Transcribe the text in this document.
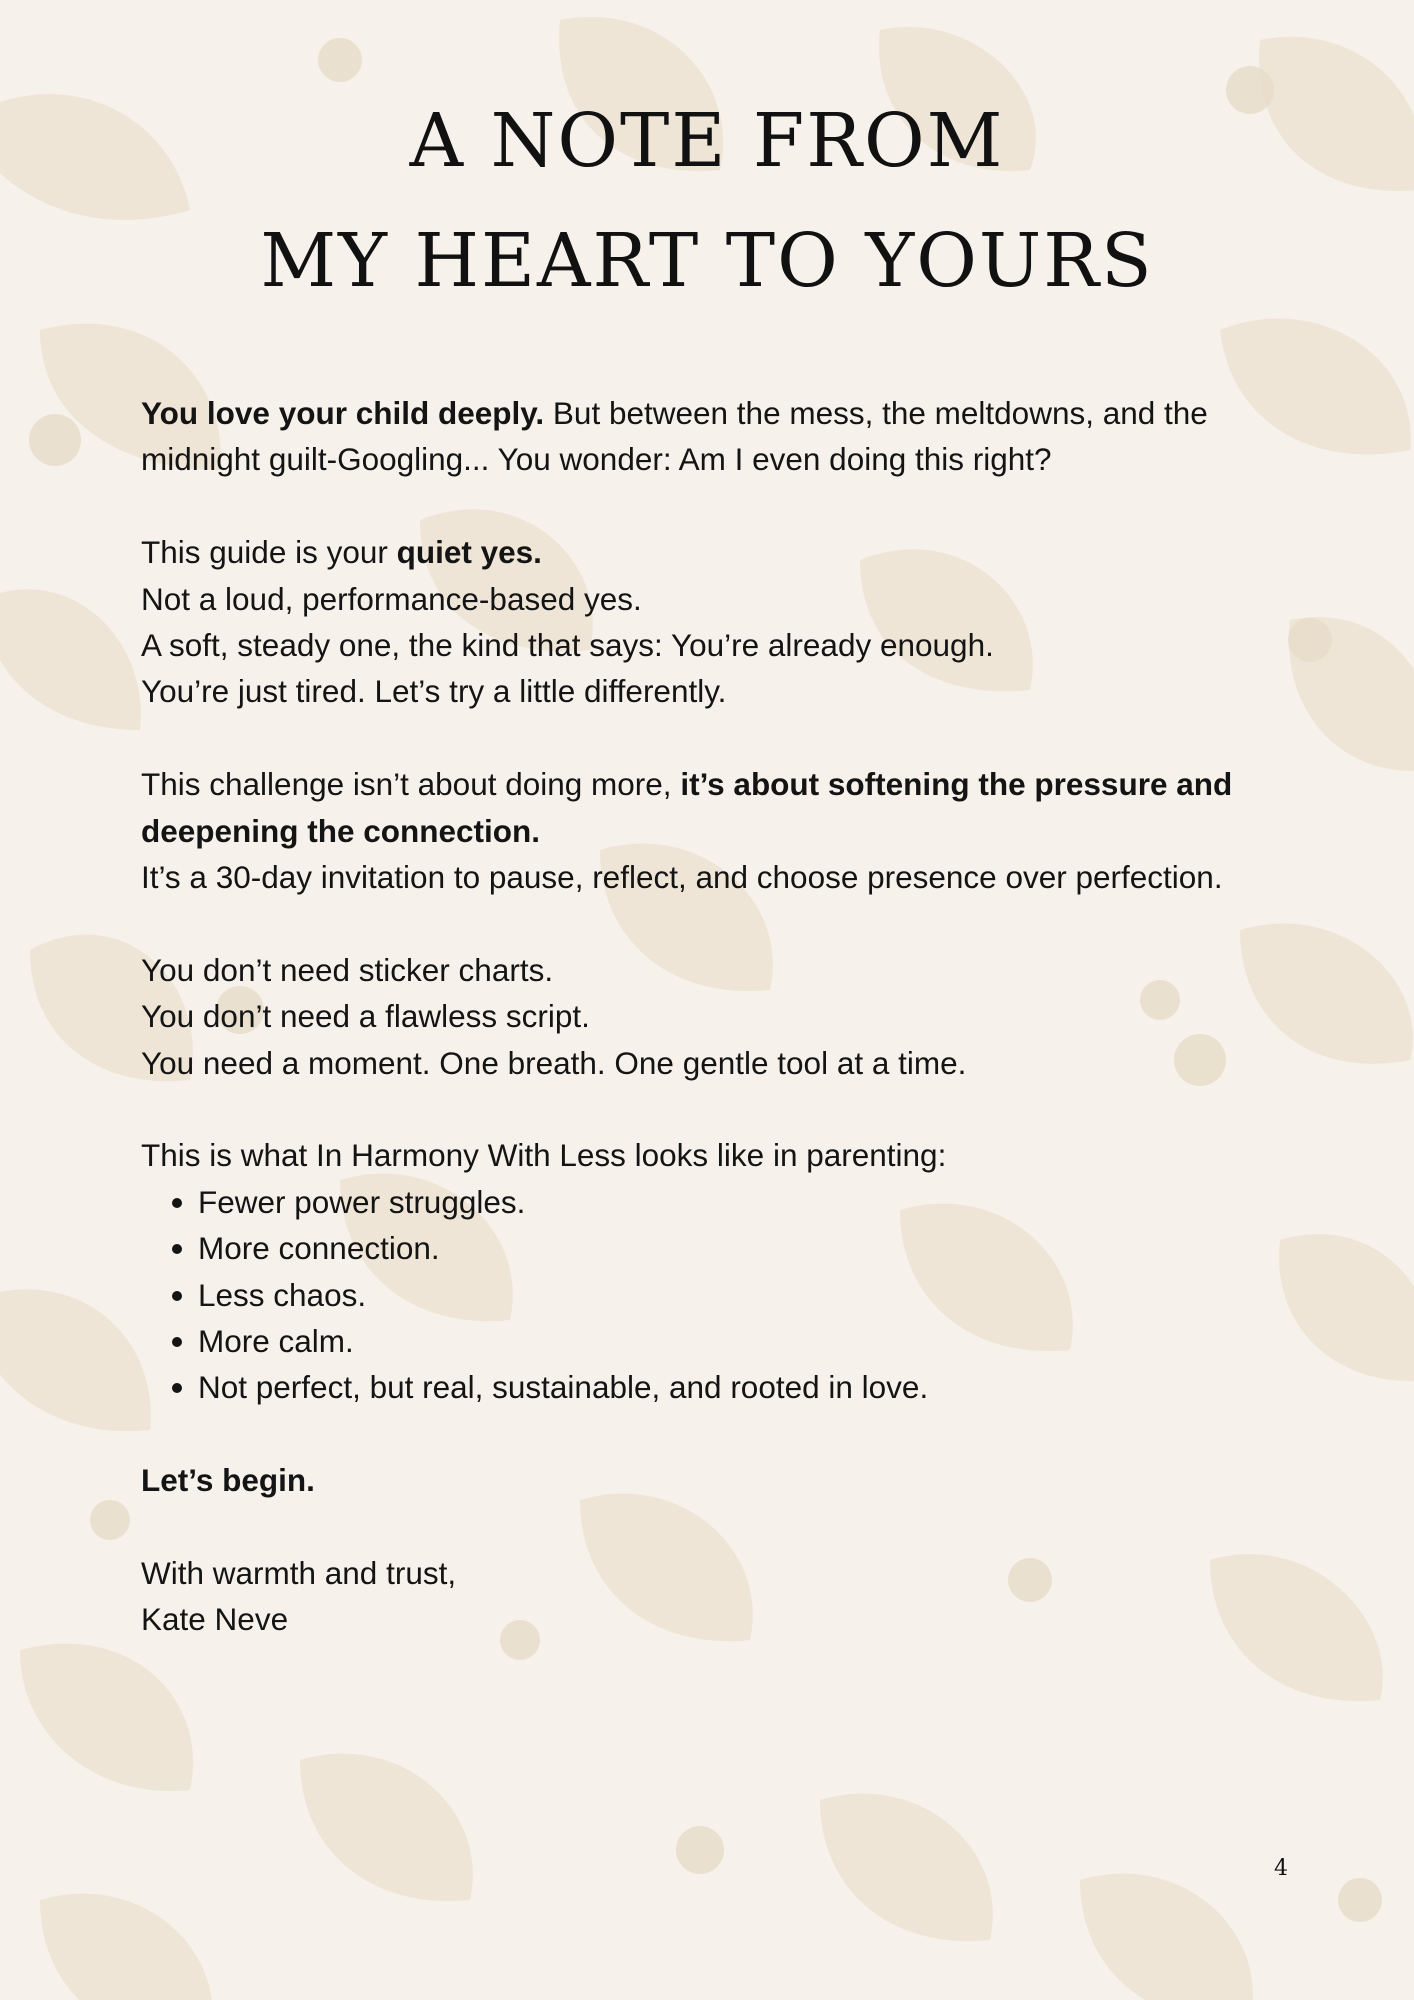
A NOTE FROM
MY HEART TO YOURS

You love your child deeply. But between the mess, the meltdowns, and the midnight guilt-Googling... You wonder: Am I even doing this right?

This guide is your quiet yes.

Not a loud, performance-based yes.

A soft, steady one, the kind that says: You’re already enough.

You’re just tired. Let’s try a little differently.

This challenge isn’t about doing more, it’s about softening the pressure and deepening the connection.

It’s a 30-day invitation to pause, reflect, and choose presence over perfection.

You don’t need sticker charts.

You don’t need a flawless script.

You need a moment. One breath. One gentle tool at a time.

This is what In Harmony With Less looks like in parenting:

Fewer power struggles.
More connection.
Less chaos.
More calm.
Not perfect, but real, sustainable, and rooted in love.

Let’s begin.

With warmth and trust,

Kate Neve

4
